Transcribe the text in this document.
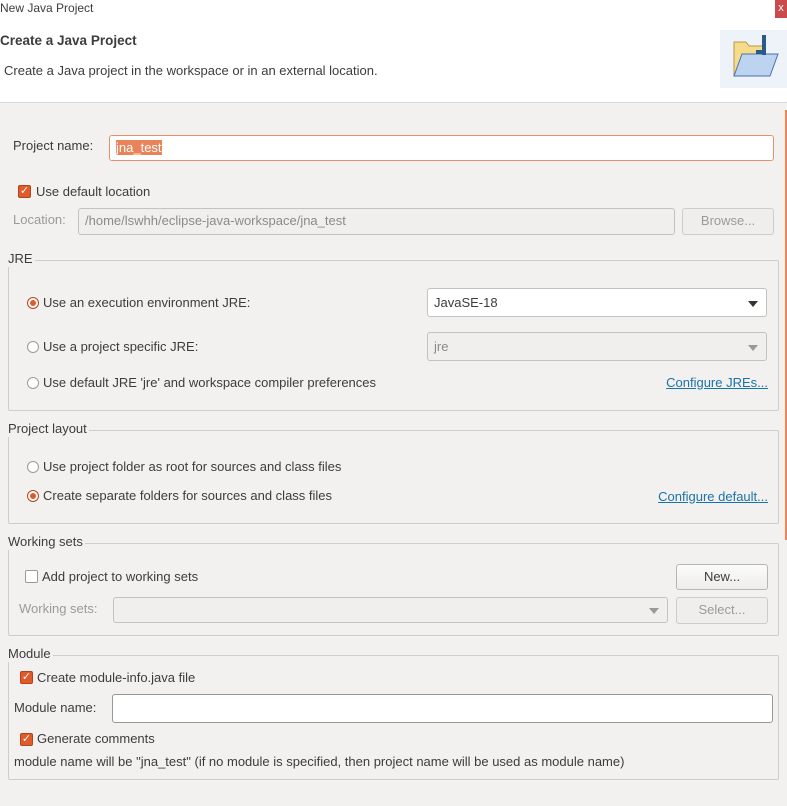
New Java Project	x
Create a Java Project
Create a Java project in the workspace or in an external location.
Project name:	jna_test
✓ Use default location
Location:	/home/lswhh/eclipse-java-workspace/jna_test	Browse...
JRE
Use an execution environment JRE:	JavaSE-18
Use a project specific JRE:	jre
Use default JRE 'jre' and workspace compiler preferences	Configure JREs...
Project layout
Use project folder as root for sources and class files
Create separate folders for sources and class files	Configure default...
Working sets
Add project to working sets	New...
Working sets:	Select...
Module
✓ Create module-info.java file
Module name:
✓ Generate comments
module name will be "jna_test" (if no module is specified, then project name will be used as module name)
